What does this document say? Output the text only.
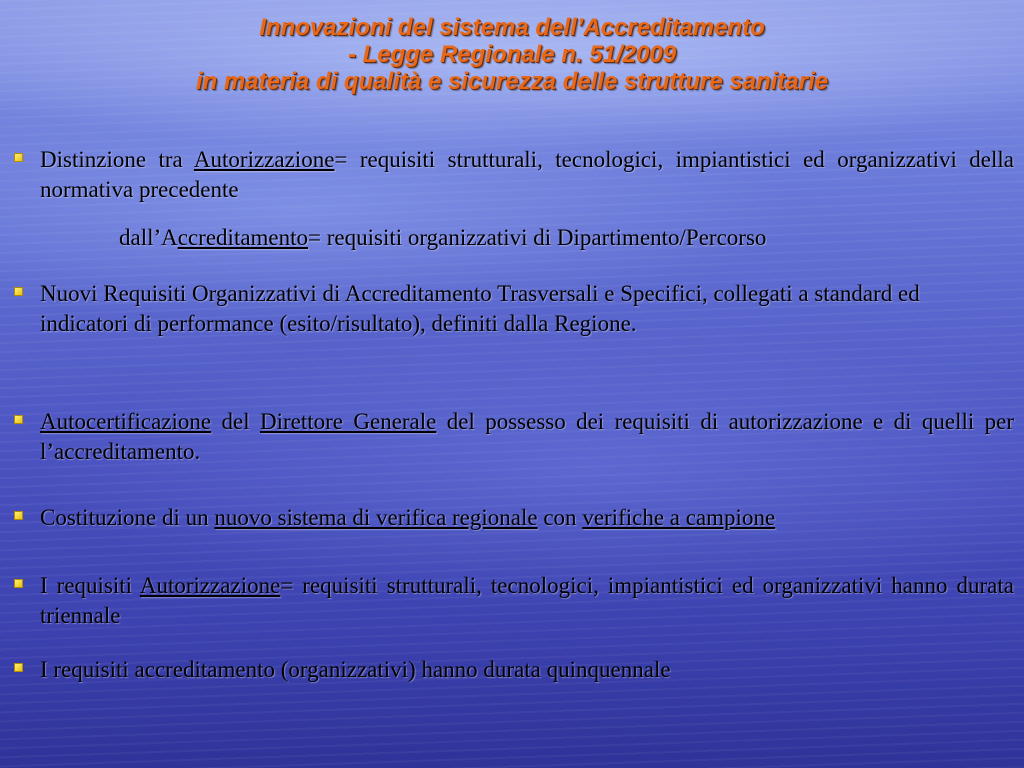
Innovazioni del sistema dell’Accreditamento
- Legge Regionale n. 51/2009
in materia di qualità e sicurezza delle strutture sanitarie
Distinzione tra Autorizzazione= requisiti strutturali, tecnologici, impiantistici ed organizzativi della normativa precedente
dall’Accreditamento= requisiti organizzativi di Dipartimento/Percorso
Nuovi Requisiti Organizzativi di Accreditamento Trasversali e Specifici, collegati a standard ed indicatori di performance (esito/risultato), definiti dalla Regione.
Autocertificazione del Direttore Generale del possesso dei requisiti di autorizzazione e di quelli per l’accreditamento.
Costituzione di un nuovo sistema di verifica regionale con verifiche a campione
I requisiti Autorizzazione= requisiti strutturali, tecnologici, impiantistici ed organizzativi hanno durata triennale
I requisiti accreditamento (organizzativi) hanno durata quinquennale
